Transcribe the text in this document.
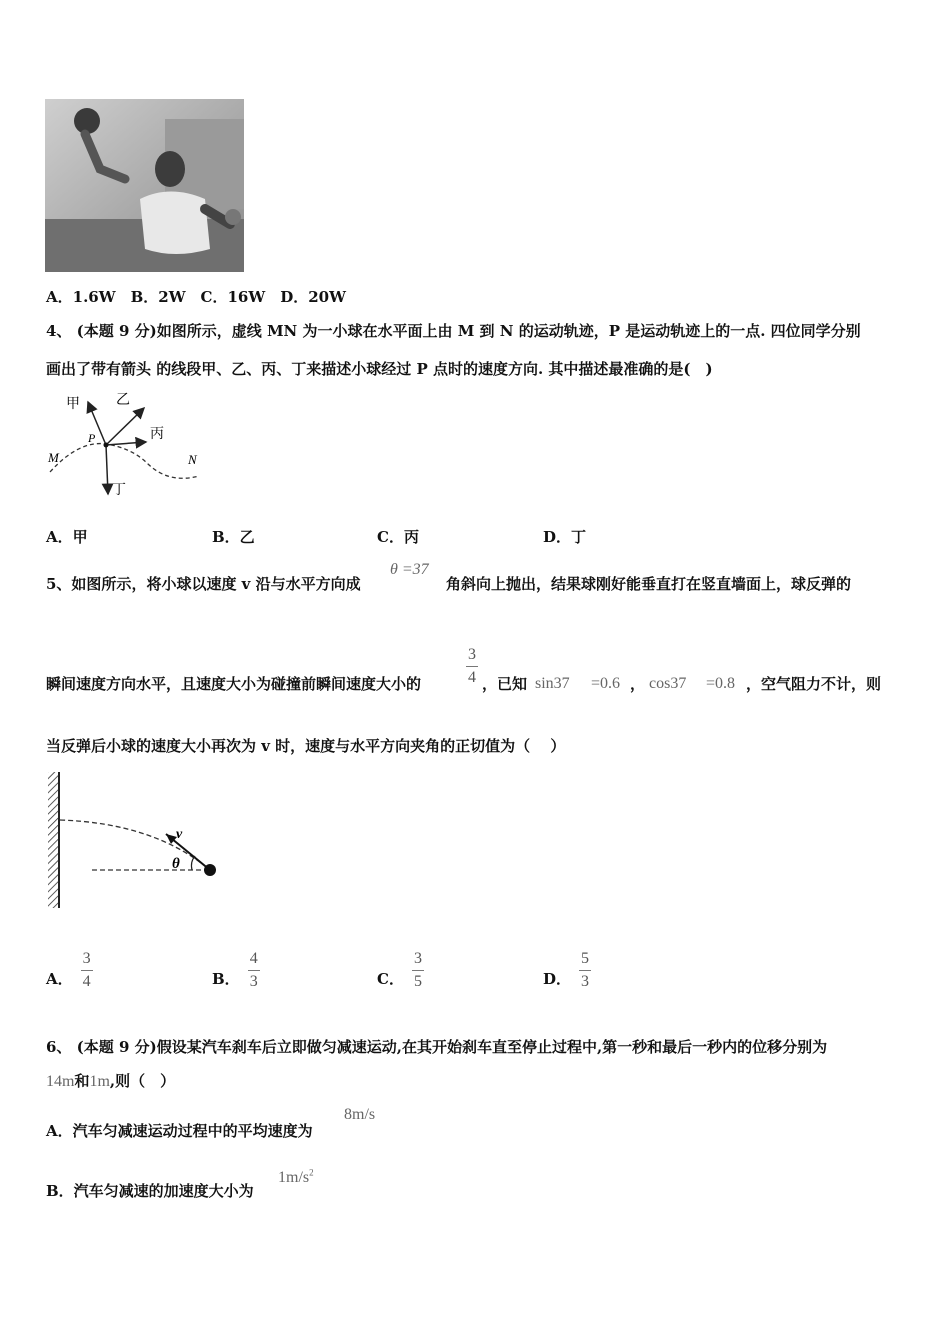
A．1.6W　B．2W　C．16W　D．20W
4、 (本题 9 分)如图所示，虚线 MN 为一小球在水平面上由 M 到 N 的运动轨迹，P 是运动轨迹上的一点. 四位同学分别
画出了带有箭头 的线段甲、乙、丙、丁来描述小球经过 P 点时的速度方向. 其中描述最准确的是(　)
甲	乙
丙
丁
P
M	N
A．甲	B．乙	C．丙	D．丁
5、如图所示，将小球以速度 v 沿与水平方向成
θ =37
角斜向上抛出，结果球刚好能垂直打在竖直墙面上，球反弹的
瞬间速度方向水平，且速度大小为碰撞前瞬间速度大小的
3
4 ，已知 sin37 =0.6 ， cos37 =0.8 ，空气阻力不计，则
当反弹后小球的速度大小再次为 v 时，速度与水平方向夹角的正切值为（　 ）
v
θ
A． $\frac{3}{4}$	B． $\frac{4}{3}$	C． $\frac{3}{5}$	D． $\frac{5}{3}$
6、 (本题 9 分)假设某汽车刹车后立即做匀减速运动,在其开始刹车直至停止过程中,第一秒和最后一秒内的位移分别为
14m 和 1m ,则（　）
A．汽车匀减速运动过程中的平均速度为
8m/s
B．汽车匀减速的加速度大小为
$1m/s^2$
